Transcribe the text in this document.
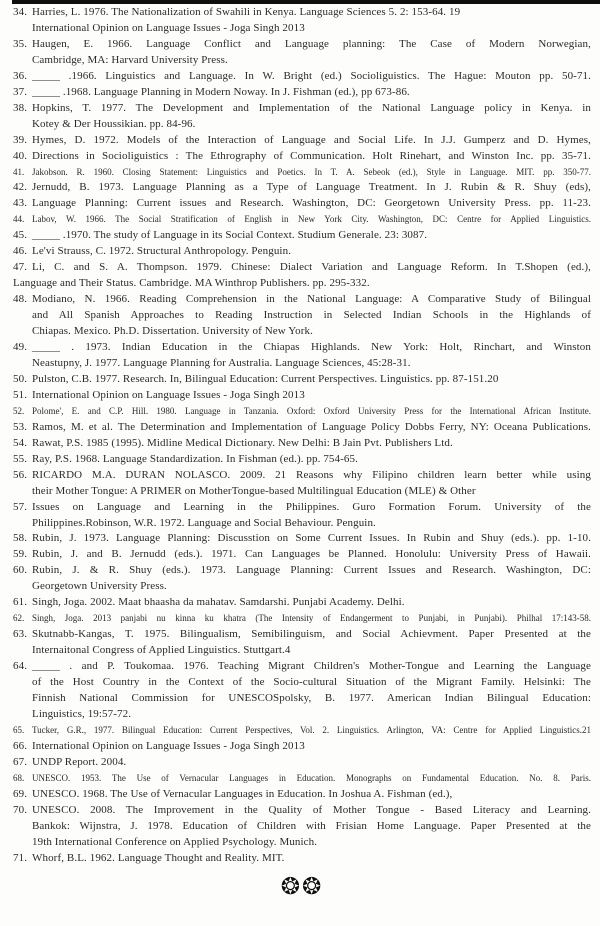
34. Harries, L. 1976. The Nationalization of Swahili in Kenya. Language Sciences 5. 2: 153-64. 19
International Opinion on Language Issues - Joga Singh 2013
35. Haugen, E. 1966. Language Conflict and Language planning: The Case of Modern Norwegian,
Cambridge, MA: Harvard University Press.
36. _____ .1966. Linguistics and Language. In W. Bright (ed.) Socioliguistics. The Hague: Mouton pp. 50-71.
37. _____ .1968. Language Planning in Modern Noway. In J. Fishman (ed.), pp 673-86.
38. Hopkins, T. 1977. The Development and Implementation of the National Language policy in Kenya. in
Kotey & Der Houssikian. pp. 84-96.
39. Hymes, D. 1972. Models of the Interaction of Language and Social Life. In J.J. Gumperz and D. Hymes,
40. Directions in Socioliguistics : The Ethrography of Communication. Holt Rinehart, and Winston Inc. pp. 35-71.
41. Jakobson. R. 1960. Closing Statement: Linguistics and Poetics. In T. A. Sebeok (ed.), Style in Language. MIT. pp. 350-77.
42. Jernudd, B. 1973. Language Planning as a Type of Language Treatment. In J. Rubin & R. Shuy (eds),
43. Language Planning: Current issues and Research. Washington, DC: Georgetown University Press. pp. 11-23.
44. Labov, W. 1966. The Social Stratification of English in New York City. Washington, DC: Centre for Applied Linguistics.
45. _____ .1970. The study of Language in its Social Context. Studium Generale. 23: 3087.
46. Le'vi Strauss, C. 1972. Structural Anthropology. Penguin.
47. Li, C. and S. A. Thompson. 1979. Chinese: Dialect Variation and Language Reform. In T.Shopen (ed.),
Language and Their Status. Cambridge. MA Winthrop Publishers. pp. 295-332.
48. Modiano, N. 1966. Reading Comprehension in the National Language: A Comparative Study of Bilingual
and All Spanish Approaches to Reading Instruction in Selected Indian Schools in the Highlands of
Chiapas. Mexico. Ph.D. Dissertation. University of New York.
49. _____ . 1973. Indian Education in the Chiapas Highlands. New York: Holt, Rinchart, and Winston
Neastupny, J. 1977. Language Planning for Australia. Language Sciences, 45:28-31.
50. Pulston, C.B. 1977. Research. In, Bilingual Education: Current Perspectives. Linguistics. pp. 87-151.20
51. International Opinion on Language Issues - Joga Singh 2013
52. Polome', E. and C.P. Hill. 1980. Language in Tanzania. Oxford: Oxford University Press for the International African Institute.
53. Ramos, M. et al. The Determination and Implementation of Language Policy Dobbs Ferry, NY: Oceana Publications.
54. Rawat, P.S. 1985 (1995). Midline Medical Dictionary. New Delhi: B Jain Pvt. Publishers Ltd.
55. Ray, P.S. 1968. Language Standardization. In Fishman (ed.). pp. 754-65.
56. RICARDO M.A. DURAN NOLASCO. 2009. 21 Reasons why Filipino children learn better while using
their Mother Tongue: A PRIMER on MotherTongue-based Multilingual Education (MLE) & Other
57. Issues on Language and Learning in the Philippines. Guro Formation Forum. University of the
Philippines.Robinson, W.R. 1972. Language and Social Behaviour. Penguin.
58. Rubin, J. 1973. Language Planning: Discusstion on Some Current Issues. In Rubin and Shuy (eds.). pp. 1-10.
59. Rubin, J. and B. Jernudd (eds.). 1971. Can Languages be Planned. Honolulu: University Press of Hawaii.
60. Rubin, J. & R. Shuy (eds.). 1973. Language Planning: Current Issues and Research. Washington, DC:
Georgetown University Press.
61. Singh, Joga. 2002. Maat bhaasha da mahatav. Samdarshi. Punjabi Academy. Delhi.
62. Singh, Joga. 2013 panjabi nu kinna ku khatra (The Intensity of Endangerment to Punjabi, in Punjabi). Philhal 17:143-58.
63. Skutnabb-Kangas, T. 1975. Bilingualism, Semibilinguism, and Social Achievment. Paper Presented at the
Internaitonal Congress of Applied Linguistics. Stuttgart.4
64. _____ . and P. Toukomaa. 1976. Teaching Migrant Children's Mother-Tongue and Learning the Language
of the Host Country in the Context of the Socio-cultural Situation of the Migrant Family. Helsinki: The
Finnish National Commission for UNESCOSpolsky, B. 1977. American Indian Bilingual Education:
Linguistics, 19:57-72.
65. Tucker, G.R., 1977. Bilingual Education: Current Perspectives, Vol. 2. Linguistics. Arlington, VA: Centre for Applied Linguistics.21
66. International Opinion on Language Issues - Joga Singh 2013
67. UNDP Report. 2004.
68. UNESCO. 1953. The Use of Vernacular Languages in Education. Monographs on Fundamental Education. No. 8. Paris.
69. UNESCO. 1968. The Use of Vernacular Languages in Education. In Joshua A. Fishman (ed.),
70. UNESCO. 2008. The Improvement in the Quality of Mother Tongue - Based Literacy and Learning.
Bankok: Wijnstra, J. 1978. Education of Children with Frisian Home Language. Paper Presented at the
19th International Conference on Applied Psychology. Munich.
71. Whorf, B.L. 1962. Language Thought and Reality. MIT.
❂❂
